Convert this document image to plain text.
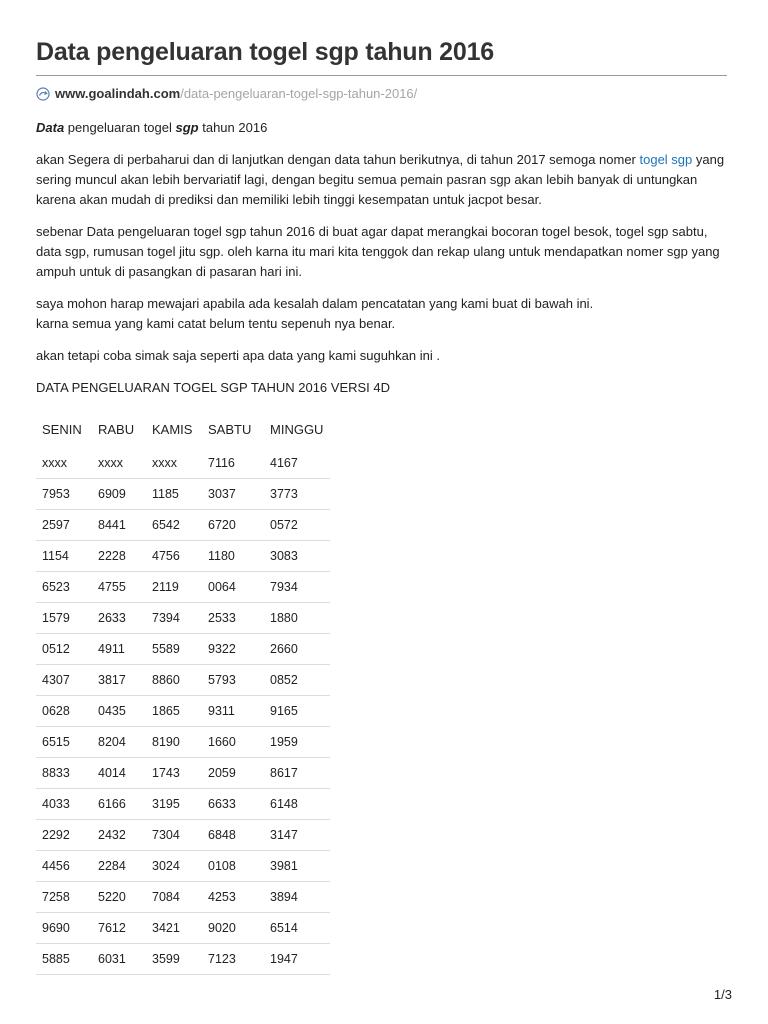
Data pengeluaran togel sgp tahun 2016
www.goalindah.com /data-pengeluaran-togel-sgp-tahun-2016/

Data pengeluaran togel sgp tahun 2016

akan Segera di perbaharui dan di lanjutkan dengan data tahun berikutnya, di tahun 2017 semoga nomer togel sgp yang sering muncul akan lebih bervariatif lagi, dengan begitu semua pemain pasran sgp akan lebih banyak di untungkan karena akan mudah di prediksi dan memiliki lebih tinggi kesempatan untuk jacpot besar.

sebenar Data pengeluaran togel sgp tahun 2016 di buat agar dapat merangkai bocoran togel besok, togel sgp sabtu, data sgp, rumusan togel jitu sgp. oleh karna itu mari kita tenggok dan rekap ulang untuk mendapatkan nomer sgp yang ampuh untuk di pasangkan di pasaran hari ini.

saya mohon harap mewajari apabila ada kesalah dalam pencatatan yang kami buat di bawah ini.
karna semua yang kami catat belum tentu sepenuh nya benar.

akan tetapi coba simak saja seperti apa data yang kami suguhkan ini .

DATA PENGELUARAN TOGEL SGP TAHUN 2016 VERSI 4D

SENIN	RABU	KAMIS	SABTU	MINGGU
xxxx	xxxx	xxxx	7116	4167
7953	6909	1185	3037	3773
2597	8441	6542	6720	0572
1154	2228	4756	1180	3083
6523	4755	2119	0064	7934
1579	2633	7394	2533	1880
0512	4911	5589	9322	2660
4307	3817	8860	5793	0852
0628	0435	1865	9311	9165
6515	8204	8190	1660	1959
8833	4014	1743	2059	8617
4033	6166	3195	6633	6148
2292	2432	7304	6848	3147
4456	2284	3024	0108	3981
7258	5220	7084	4253	3894
9690	7612	3421	9020	6514
5885	6031	3599	7123	1947
1/3
